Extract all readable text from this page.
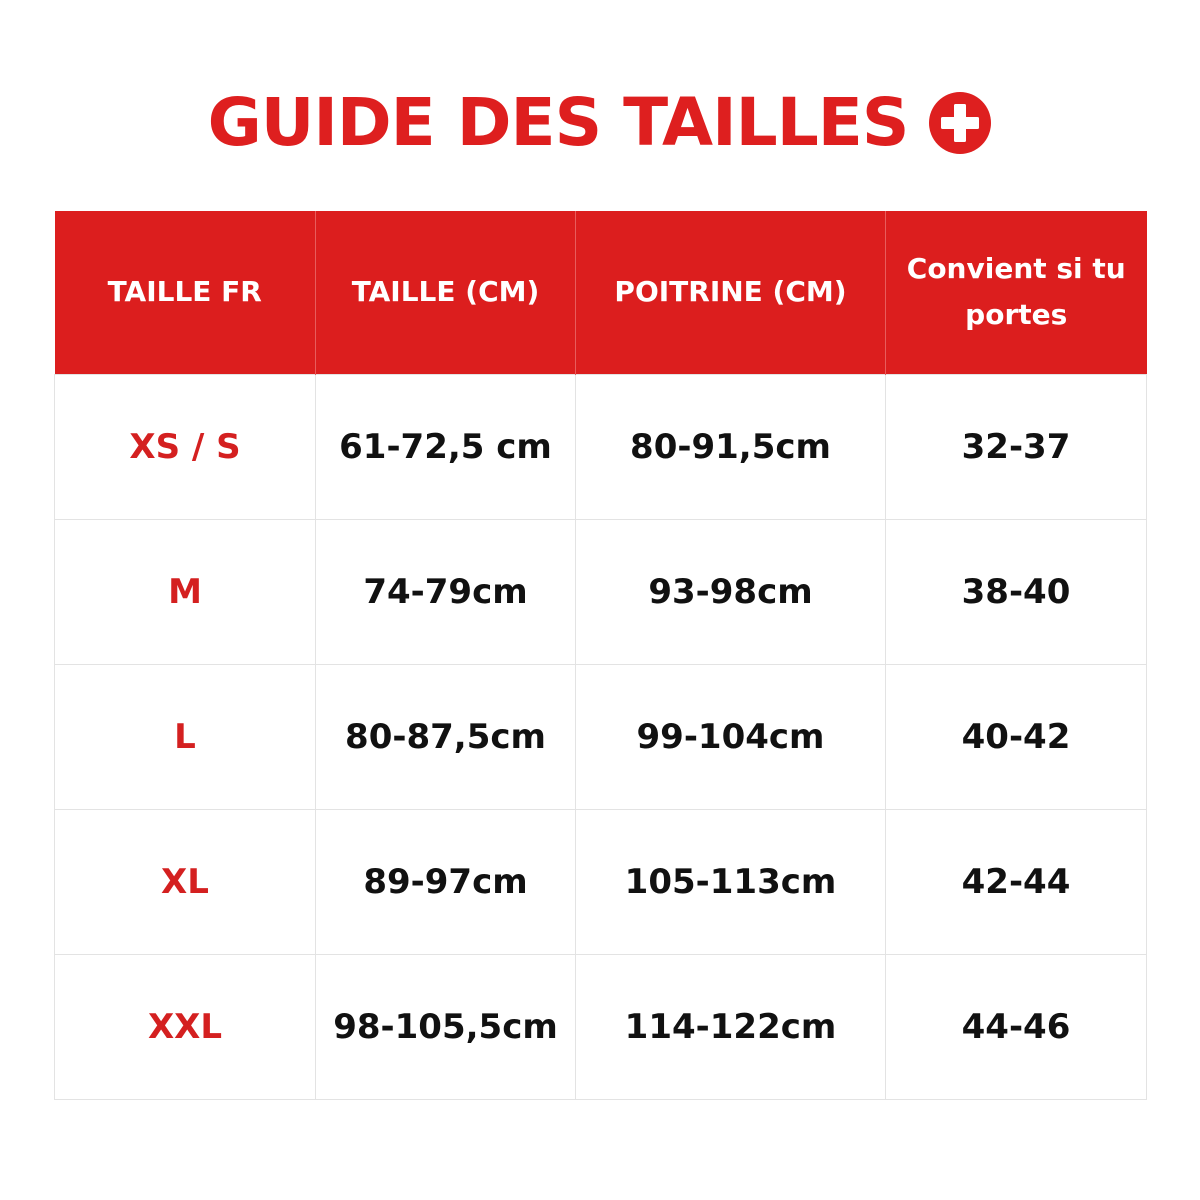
GUIDE DES TAILLES
TAILLE FR	TAILLE (CM)	POITRINE (CM)	Convient si tu portes
XS / S	61-72,5 cm	80-91,5cm	32-37
M	74-79cm	93-98cm	38-40
L	80-87,5cm	99-104cm	40-42
XL	89-97cm	105-113cm	42-44
XXL	98-105,5cm	114-122cm	44-46
